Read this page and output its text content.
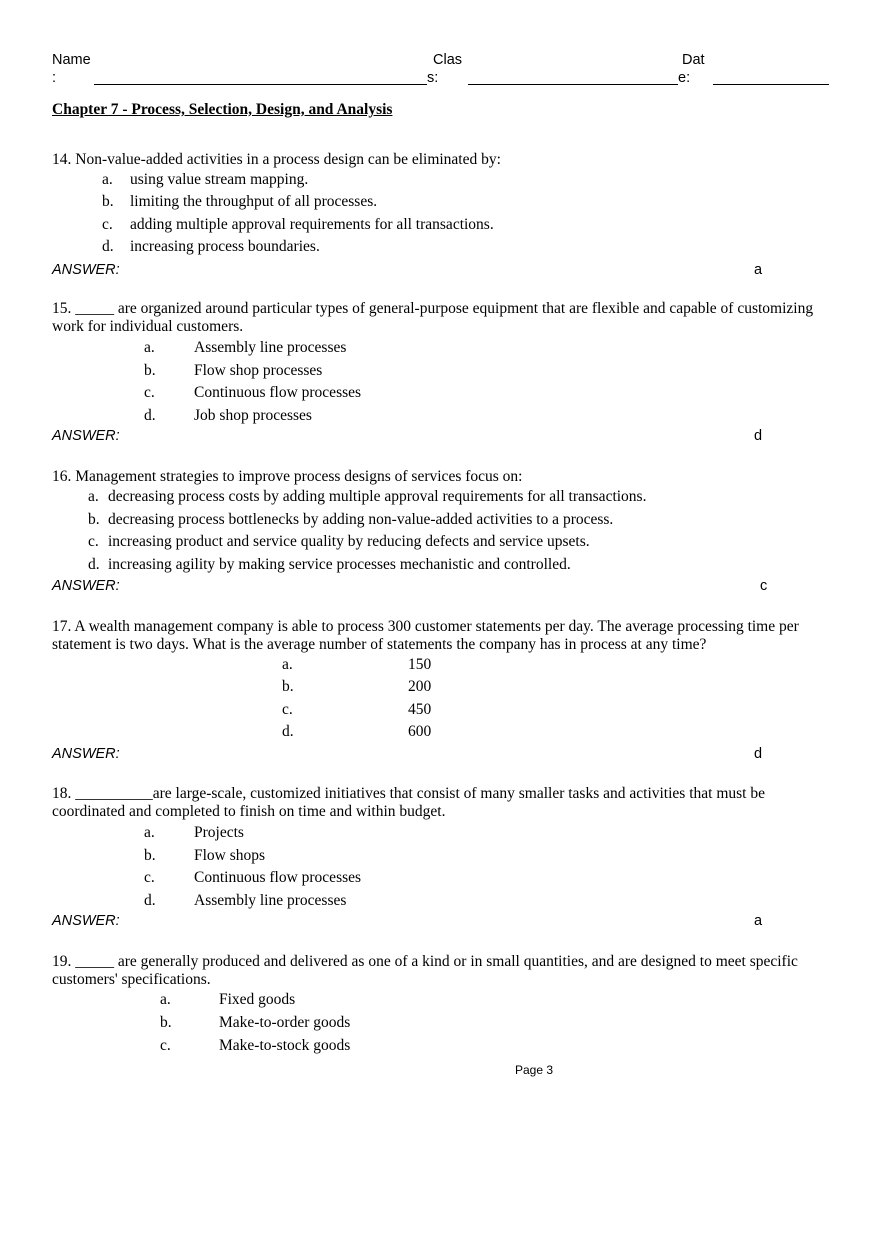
Name
:
Clas
s:
Dat
e:
Chapter 7 - Process, Selection, Design, and Analysis
14. Non-value-added activities in a process design can be eliminated by:
a. using value stream mapping.
b. limiting the throughput of all processes.
c. adding multiple approval requirements for all transactions.
d. increasing process boundaries.
ANSWER:	a
15. _____ are organized around particular types of general-purpose equipment that are flexible and capable of customizing work for individual customers.
a.	Assembly line processes
b. Flow shop processes
c.	Continuous flow processes
d. Job shop processes
ANSWER:	d
16. Management strategies to improve process designs of services focus on:
a. decreasing process costs by adding multiple approval requirements for all transactions.
b. decreasing process bottlenecks by adding non-value-added activities to a process.
c. increasing product and service quality by reducing defects and service upsets.
d. increasing agility by making service processes mechanistic and controlled.
ANSWER:	c
17. A wealth management company is able to process 300 customer statements per day. The average processing time per statement is two days. What is the average number of statements the company has in process at any time?
a.	150
b.	200
c.	450
d.	600
ANSWER:	d
18. __________are large-scale, customized initiatives that consist of many smaller tasks and activities that must be coordinated and completed to finish on time and within budget.
a.	Projects
b. Flow shops
c.	Continuous flow processes
d. Assembly line processes
ANSWER:	a
19. _____ are generally produced and delivered as one of a kind or in small quantities, and are designed to meet specific customers' specifications.
a.	Fixed goods
b.	Make-to-order goods
c.	Make-to-stock goods
Page 3
